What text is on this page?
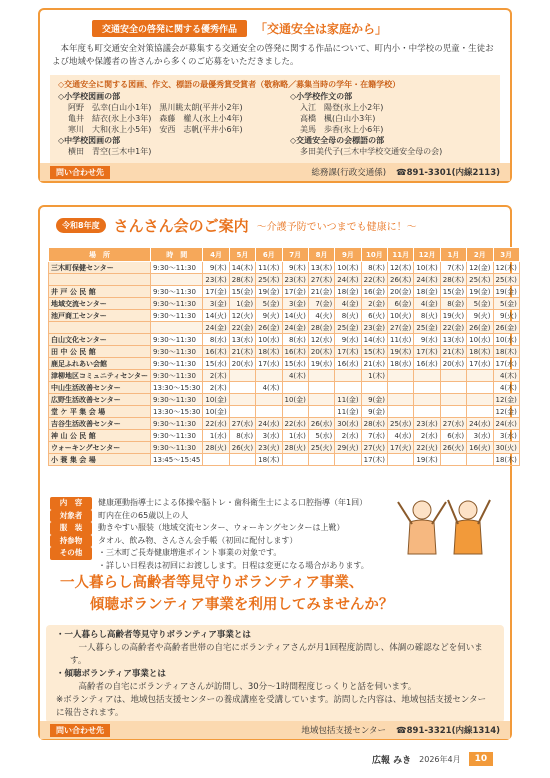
交通安全の啓発に関する優秀作品	「交通安全は家庭から」

本年度も町交通安全対策協議会が募集する交通安全の啓発に関する作品について、町内小・中学校の児童・生徒および地域や保護者の皆さんから多くのご応募をいただきました。

◇交通安全に関する図画、作文、標語の最優秀賞受賞者（敬称略／募集当時の学年・在籍学校）
◇小学校図画の部
阿野　弘幸(白山小1年)　黒川眺太朗(平井小2年)
亀井　結衣(氷上小3年)　森藤　權人(氷上小4年)
寒川　大和(氷上小5年)　安西　志帆(平井小6年)
◇中学校図画の部
横田　青空(三木中1年)
◇小学校作文の部
入江　陽登(氷上小2年)
高橋　楓(白山小3年)
美馬　歩香(氷上小6年)
◇交通安全母の会標語の部
多田美代子(三木中学校交通安全母の会)
問い合わせ先	総務課(行政交通係) ☎891-3301(内線2113)
令和8年度 さんさん会のご案内 ～介護予防でいつまでも健康に！～
場　所	時　間	4月	5月	6月	7月	8月	9月	10月	11月	12月	1月	2月	3月
三木町保健センター	9:30～11:30	9(木)	14(木)	11(木)	9(木)	13(木)	10(木)	8(木)	12(木)	10(木)	7(木)	12(金)	12(木)
		23(木)	28(木)	25(木)	23(木)	27(木)	24(木)	22(木)	26(木)	24(木)	28(木)	25(木)	25(木)
井 戸 公 民 館	9:30～11:30	17(金)	15(金)	19(金)	17(金)	21(金)	18(金)	16(金)	20(金)	18(金)	15(金)	19(金)	19(金)
地域交流センター	9:30～11:30	3(金)	1(金)	5(金)	3(金)	7(金)	4(金)	2(金)	6(金)	4(金)	8(金)	5(金)	5(金)
池戸商工センター	9:30～11:30	14(火)	12(火)	9(火)	14(火)	4(火)	8(火)	6(火)	10(火)	8(火)	19(火)	9(火)	9(火)
		24(金)	22(金)	26(金)	24(金)	28(金)	25(金)	23(金)	27(金)	25(金)	22(金)	26(金)	26(金)
白山文化センター	9:30～11:30	8(水)	13(水)	10(水)	8(水)	12(水)	9(水)	14(水)	11(水)	9(水)	13(水)	10(水)	10(水)
田 中 公 民 館	9:30～11:30	16(木)	21(木)	18(木)	16(木)	20(木)	17(木)	15(木)	19(木)	17(木)	21(木)	18(木)	18(木)
鹿足ふれあい会館	9:30～11:30	15(水)	20(水)	17(水)	15(水)	19(水)	16(水)	21(水)	18(水)	16(水)	20(水)	17(水)	17(水)
津柳地区コミュニティセンター	9:30～11:30	2(木)			4(木)			1(木)					4(木)
中山生活改善センター	13:30～15:30	2(木)		4(木)									4(木)
広野生活改善センター	9:30～11:30	10(金)			10(金)		11(金)	9(金)					12(金)
堂 ケ 平 集 会 場	13:30～15:30	10(金)					11(金)	9(金)					12(金)
吉谷生活改善センター	9:30～11:30	22(水)	27(水)	24(水)	22(水)	26(水)	30(水)	28(水)	25(水)	23(水)	27(水)	24(水)	24(水)
神 山 公 民 館	9:30～11:30	1(水)	8(水)	3(水)	1(水)	5(水)	2(水)	7(水)	4(水)	2(水)	6(水)	3(水)	3(水)
ウォーキングセンター	9:30～11:30	28(火)	26(火)	23(火)	28(火)	25(火)	29(火)	27(火)	17(火)	22(火)	26(火)	16(火)	30(火)
小 蓑 集 会 場	13:45～15:45			18(木)				17(木)		19(木)			18(木)
内　容	健康運動指導士による体操や脳トレ・歯科衛生士による口腔指導（年1回）
対象者	町内在住の65歳以上の人
服　装	動きやすい服装（地域交流センター、ウォーキングセンターは上靴）
持参物	タオル、飲み物、さんさん会手帳（初回に配付します）
その他	・三木町ご長寿健康増進ポイント事業の対象です。
・詳しい日程表は初回にお渡しします。日程は変更になる場合があります。
一人暮らし高齢者等見守りボランティア事業、
傾聴ボランティア事業を利用してみませんか？
・一人暮らし高齢者等見守りボランティア事業とは
一人暮らしの高齢者や高齢者世帯の自宅にボランティアさんが月1回程度訪問し、体調の確認などを伺います。
・傾聴ボランティア事業とは
高齢者の自宅にボランティアさんが訪問し、30分～1時間程度じっくりと話を伺います。
※ボランティアは、地域包括支援センターの養成講座を受講しています。訪問した内容は、地域包括支援センターに報告されます。
問い合わせ先	地域包括支援センター ☎891-3321(内線1314)
広報 みき 2026年4月	10
